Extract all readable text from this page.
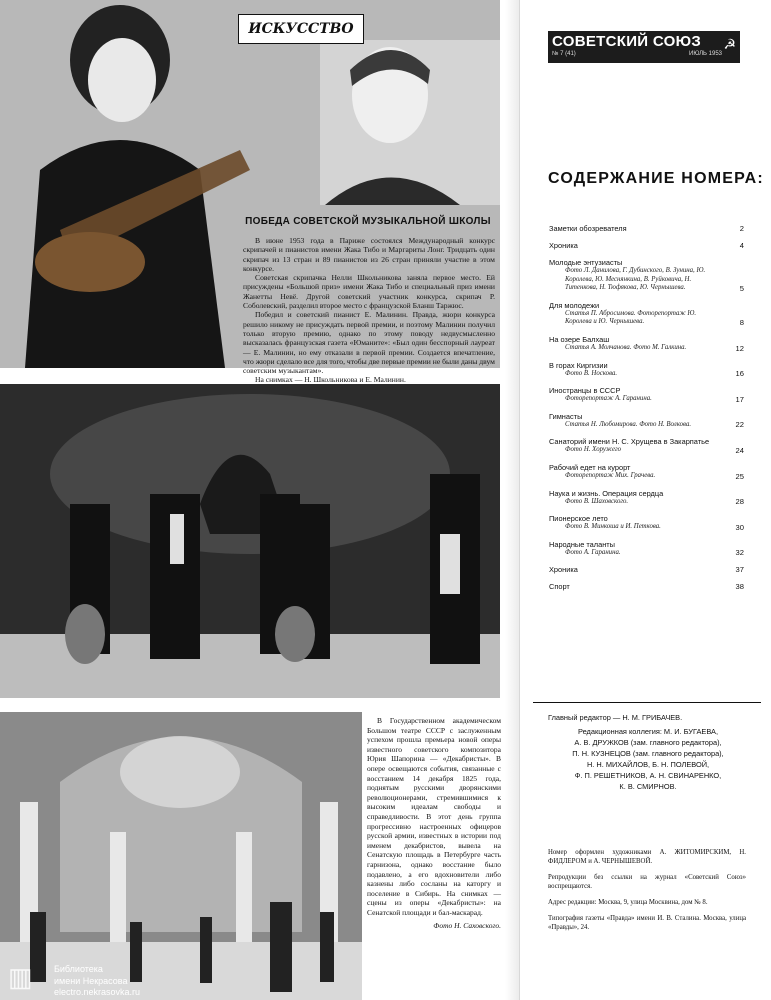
ИСКУССТВО
ПОБЕДА СОВЕТСКОЙ МУЗЫКАЛЬНОЙ ШКОЛЫ

В июне 1953 года в Париже состоялся Международный конкурс скрипачей и пианистов имени Жака Тибо и Маргариты Лонг. Тридцать один скрипач из 13 стран и 89 пианистов из 26 стран приняли участие в этом конкурсе.

Советская скрипачка Нелли Школьникова заняла первое место. Ей присуждены «Большой приз» имени Жака Тибо и специальный приз имени Жанетты Невё. Другой советский участник конкурса, скрипач Р. Соболевский, разделил второе место с французской Бланш Таржюс.

Победил и советский пианист Е. Малинин. Правда, жюри конкурса решило никому не присуждать первой премии, и поэтому Малинин получил только вторую премию, однако по этому поводу недвусмысленно высказалась французская газета «Юманите»: «Был один бесспорный лауреат — Е. Малинин, но ему отказали в первой премии. Создается впечатление, что жюри сделало все для того, чтобы две первые премии не были даны двум советским музыкантам».

На снимках — Н. Школьникова и Е. Малинин.

▥ Библиотека
имени Некрасова
electro.nekrasovka.ru

В Государственном академическом Большом театре СССР с заслуженным успехом прошла премьера новой оперы известного советского композитора Юрия Шапорина — «Декабристы». В опере освещаются события, связанные с восстанием 14 декабря 1825 года, поднятым русскими дворянскими революционерами, стремившимися к высоким идеалам свободы и справедливости. В этот день группа прогрессивно настроенных офицеров русской армии, известных в истории под именем декабристов, вывела на Сенатскую площадь в Петербурге часть гарнизона, однако восстание было подавлено, а его вдохновители либо казнены либо сосланы на каторгу и поселение в Сибирь. На снимках — сцены из оперы «Декабристы»: на Сенатской площади и бал-маскарад.

Фото Н. Саховского.
СОВЕТСКИЙ СОЮЗ
№ 7 (41)	ИЮЛЬ 1953
☭
СОДЕРЖАНИЕ НОМЕРА:
Заметки обозревателя	2
Хроника	4
Молодые энтузиасты
Фото Л. Данилова, Г. Дубинского, В. Зунина, Ю. Королева, Ю. Меснянкина, В. Руйковича, Н. Титенкова, Н. Тюфякова, Ю. Чернышева.	5
Для молодежи
Статья П. Абросимова. Фоторепортаж Ю. Королева и Ю. Чернышева.	8
На озере Балхаш
Статья А. Молчанова. Фото М. Галкина.	12
В горах Киргизии
Фото В. Носкова.	16
Иностранцы в СССР
Фоторепортаж А. Гаранина.	17
Гимнасты
Статья Н. Любомирова. Фото Н. Волкова.	22
Санаторий имени Н. С. Хрущева в Закарпатье
Фото Н. Хоружего	24
Рабочий едет на курорт
Фоторепортаж Мих. Грачева.	25
Наука и жизнь. Операция сердца
Фото В. Шаховского.	28
Пионерское лето
Фото В. Минкоша и И. Петкова.	30
Народные таланты
Фото А. Гаранина.	32
Хроника	37
Спорт	38
Главный редактор — Н. М. ГРИБАЧЕВ.
Редакционная коллегия: М. И. БУГАЕВА,
А. В. ДРУЖКОВ (зам. главного редактора),
П. Н. КУЗНЕЦОВ (зам. главного редактора),
Н. Н. МИХАЙЛОВ, Б. Н. ПОЛЕВОЙ,
Ф. П. РЕШЕТНИКОВ, А. Н. СВИНАРЕНКО,
К. В. СМИРНОВ.

Номер оформлен художниками А. ЖИТОМИРСКИМ, Н. ФИДЛЕРОМ и А. ЧЕРНЫШЕВОЙ.

Репродукции без ссылки на журнал «Советский Союз» воспрещаются.

Адрес редакции: Москва, 9, улица Москвина, дом № 8.

Типография газеты «Правда» имени И. В. Сталина. Москва, улица «Правды», 24.
